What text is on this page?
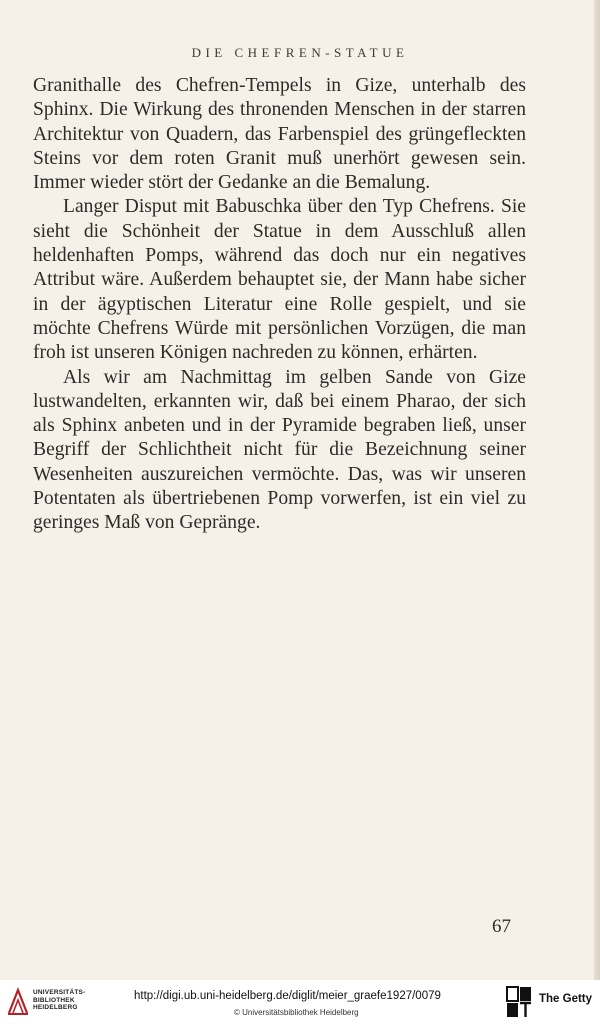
DIE CHEFREN-STATUE

Granithalle des Chefren-Tempels in Gize, unterhalb des Sphinx. Die Wirkung des thronenden Menschen in der starren Architektur von Quadern, das Farbenspiel des grüngefleckten Steins vor dem roten Granit muß unerhört gewesen sein. Immer wieder stört der Gedanke an die Bemalung.

Langer Disput mit Babuschka über den Typ Chefrens. Sie sieht die Schönheit der Statue in dem Ausschluß allen heldenhaften Pomps, während das doch nur ein negatives Attribut wäre. Außerdem behauptet sie, der Mann habe sicher in der ägyptischen Literatur eine Rolle gespielt, und sie möchte Chefrens Würde mit persönlichen Vorzügen, die man froh ist unseren Königen nachreden zu können, erhärten.

Als wir am Nachmittag im gelben Sande von Gize lustwandelten, erkannten wir, daß bei einem Pharao, der sich als Sphinx anbeten und in der Pyramide begraben ließ, unser Begriff der Schlichtheit nicht für die Bezeichnung seiner Wesenheiten auszureichen vermöchte. Das, was wir unseren Potentaten als übertriebenen Pomp vorwerfen, ist ein viel zu geringes Maß von Gepränge.

67
UNIVERSITÄTS-
BIBLIOTHEK
HEIDELBERG
http://digi.ub.uni-heidelberg.de/diglit/meier_graefe1927/0079
© Universitätsbibliothek Heidelberg
The Getty
